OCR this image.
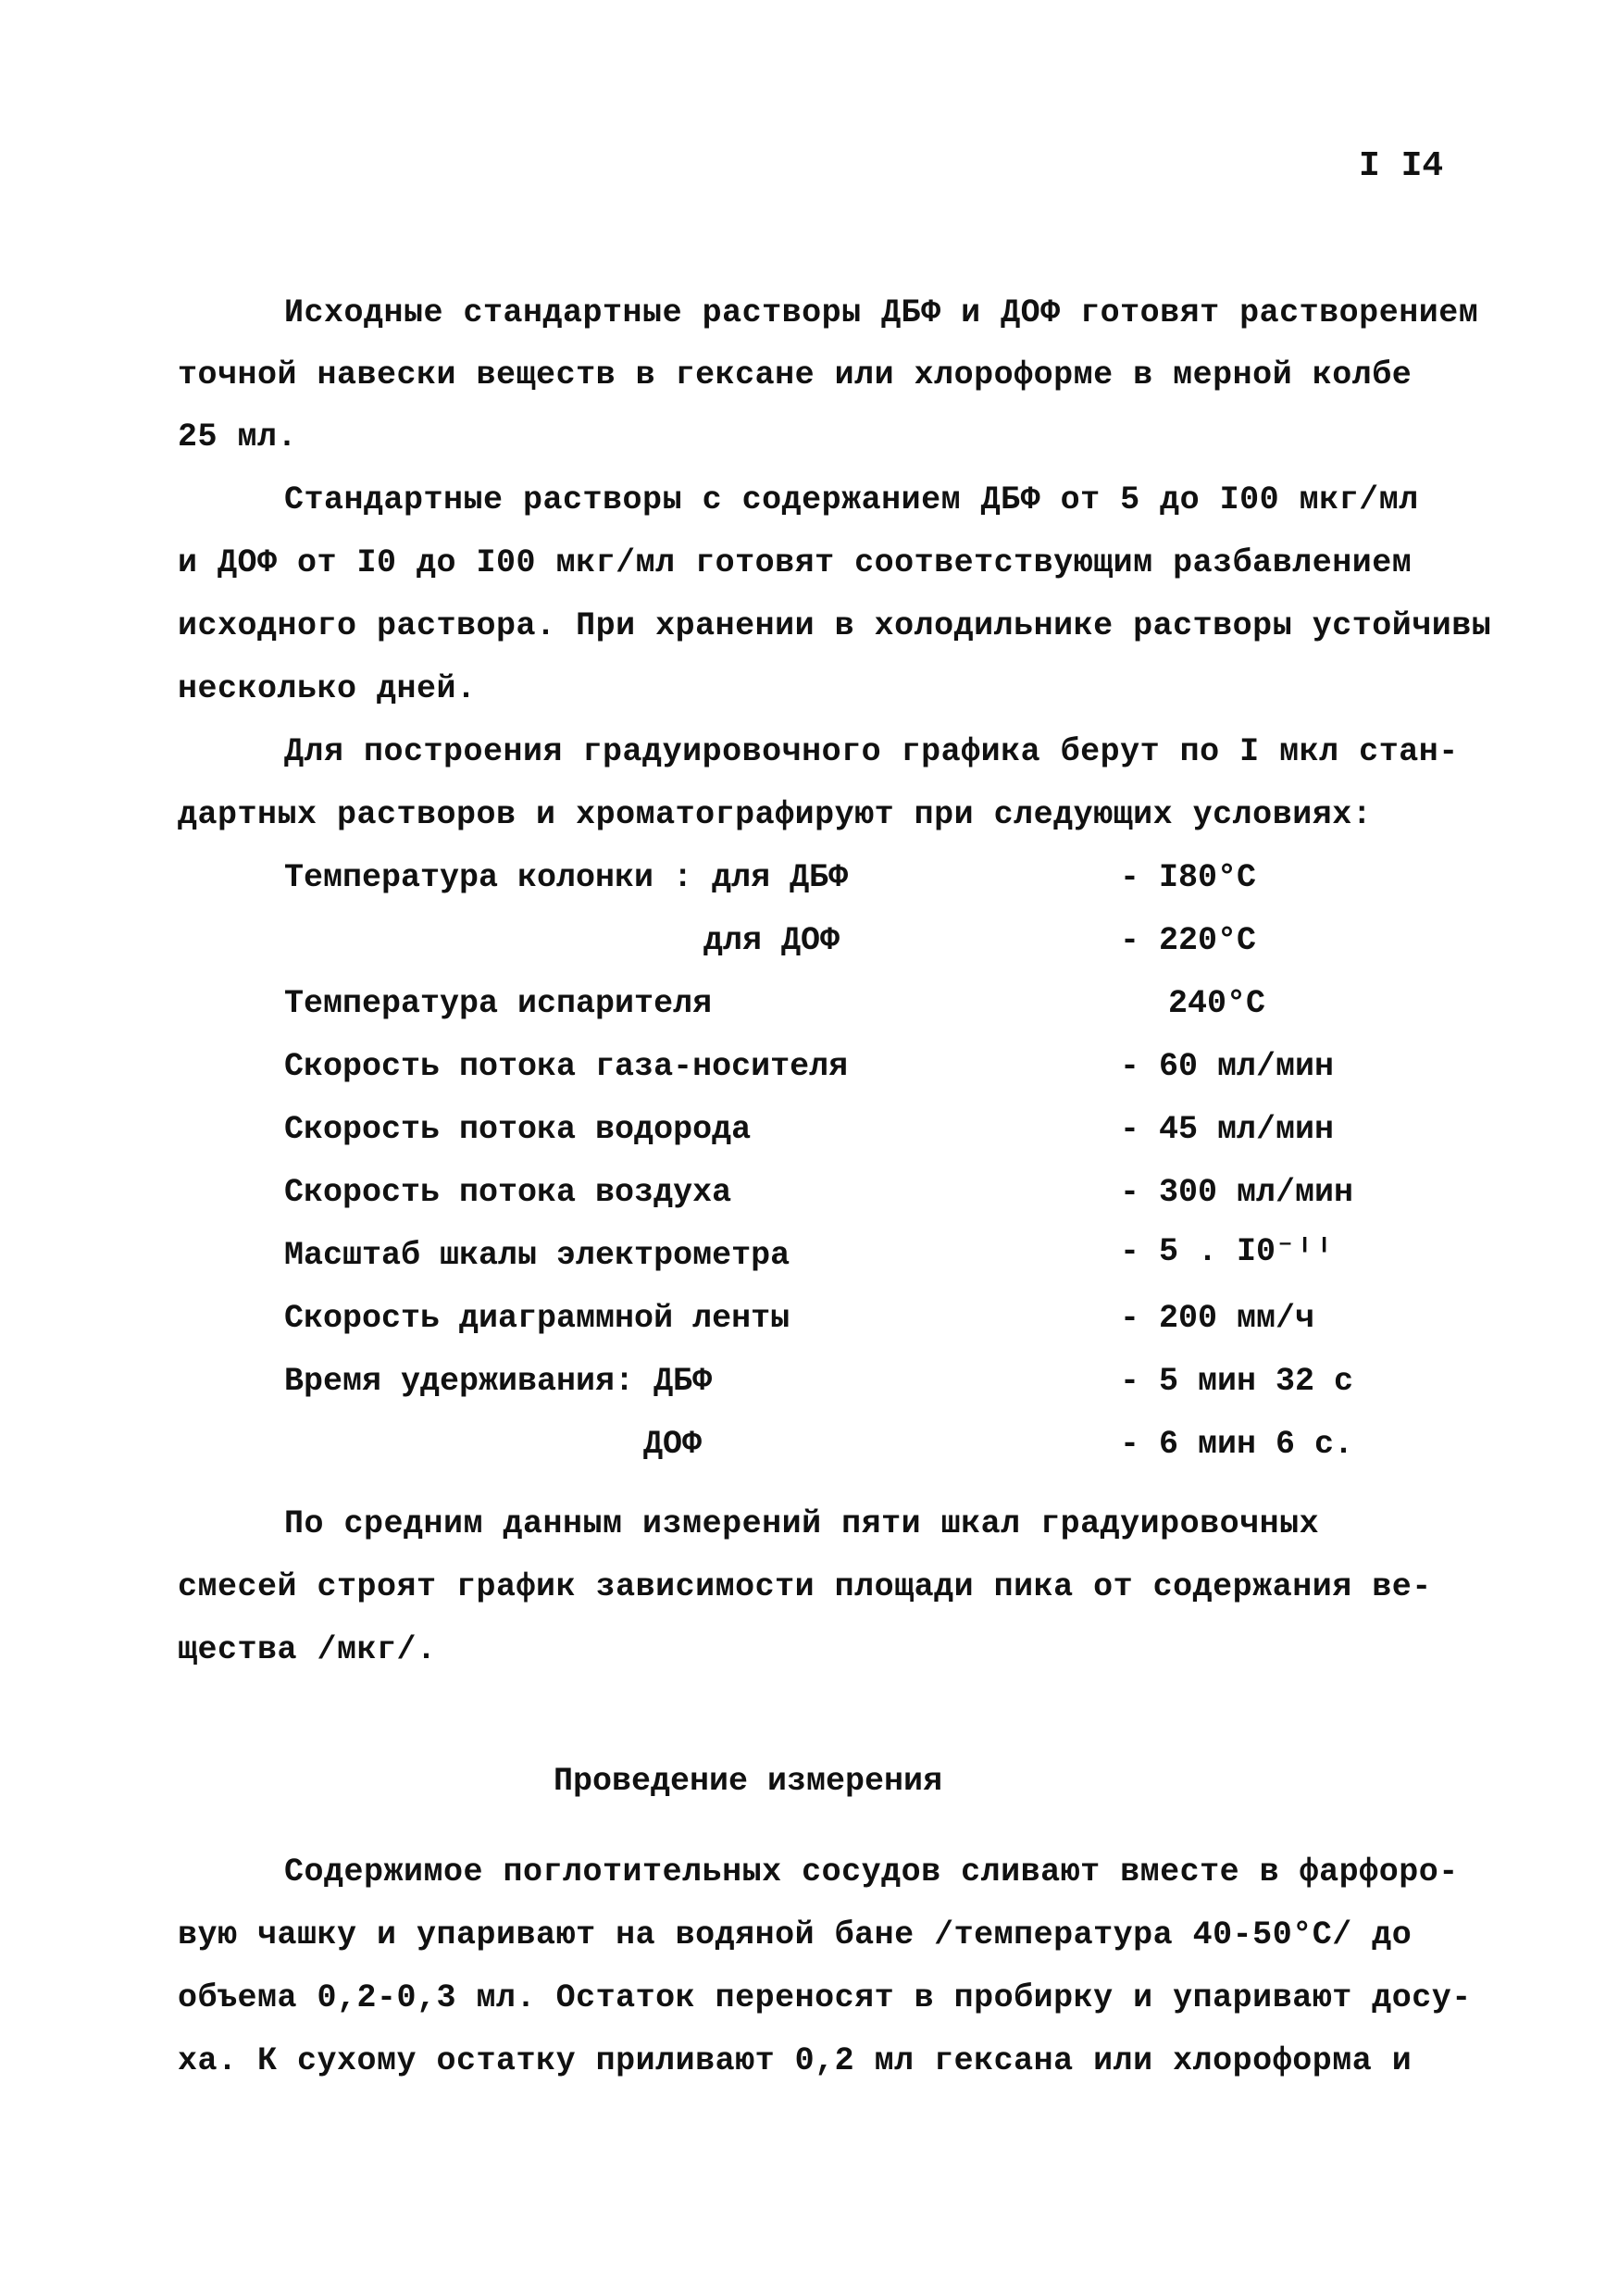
I I4
Исходные стандартные растворы ДБФ и ДОФ готовят растворением
точной навески веществ в гексане или хлороформе в мерной колбе
25 мл.
Стандартные растворы с содержанием ДБФ от 5 до I00 мкг/мл
и ДОФ от I0 до I00 мкг/мл готовят соответствующим разбавлением
исходного раствора. При хранении в холодильнике растворы устойчивы
несколько дней.
Для построения градуировочного графика берут по I мкл стан-
дартных растворов и хроматографируют при следующих условиях:
Температура колонки : для ДБФ	- I80°C
для ДОФ	- 220°C
Температура испарителя	240°C
Скорость потока газа-носителя	- 60 мл/мин
Скорость потока водорода	- 45 мл/мин
Скорость потока воздуха	- 300 мл/мин
Масштаб шкалы электрометра	- 5 . I0⁻ᴵᴵ
Скорость диаграммной ленты	- 200 мм/ч
Время удерживания: ДБФ	- 5 мин 32 с
ДОФ	- 6 мин 6 с.
По средним данным измерений пяти шкал градуировочных
смесей строят график зависимости площади пика от содержания ве-
щества /мкг/.
Проведение измерения
Содержимое поглотительных сосудов сливают вместе в фарфоро-
вую чашку и упаривают на водяной бане /температура 40-50°C/ до
объема 0,2-0,3 мл. Остаток переносят в пробирку и упаривают досу-
ха. К сухому остатку приливают 0,2 мл гексана или хлороформа и
